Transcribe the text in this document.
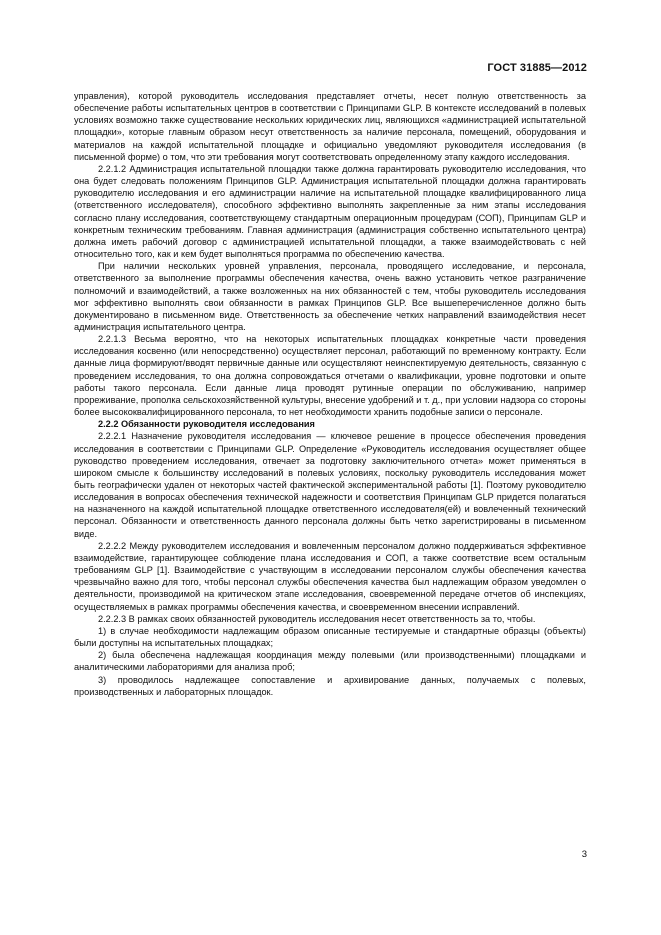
ГОСТ 31885—2012

управления), которой руководитель исследования представляет отчеты, несет полную ответственность за обеспечение работы испытательных центров в соответствии с Принципами GLP. В контексте исследований в полевых условиях возможно также существование нескольких юридических лиц, являющихся «администрацией испытательной площадки», которые главным образом несут ответственность за наличие персонала, помещений, оборудования и материалов на каждой испытательной площадке и официально уведомляют руководителя исследования (в письменной форме) о том, что эти требования могут соответствовать определенному этапу каждого исследования.

2.2.1.2 Администрация испытательной площадки также должна гарантировать руководителю исследования, что она будет следовать положениям Принципов GLP. Администрация испытательной площадки должна гарантировать руководителю исследования и его администрации наличие на испытательной площадке квалифицированного лица (ответственного исследователя), способного эффективно выполнять закрепленные за ним этапы исследования согласно плану исследования, соответствующему стандартным операционным процедурам (СОП), Принципам GLP и конкретным техническим требованиям. Главная администрация (администрация собственно испытательного центра) должна иметь рабочий договор с администрацией испытательной площадки, а также взаимодействовать с ней относительно того, как и кем будет выполняться программа по обеспечению качества.

При наличии нескольких уровней управления, персонала, проводящего исследование, и персонала, ответственного за выполнение программы обеспечения качества, очень важно установить четкое разграничение полномочий и взаимодействий, а также возложенных на них обязанностей с тем, чтобы руководитель исследования мог эффективно выполнять свои обязанности в рамках Принципов GLP. Все вышеперечисленное должно быть документировано в письменном виде. Ответственность за обеспечение четких направлений взаимодействия несет администрация испытательного центра.

2.2.1.3 Весьма вероятно, что на некоторых испытательных площадках конкретные части проведения исследования косвенно (или непосредственно) осуществляет персонал, работающий по временному контракту. Если данные лица формируют/вводят первичные данные или осуществляют неинспектируемую деятельность, связанную с проведением исследования, то она должна сопровождаться отчетами о квалификации, уровне подготовки и опыте работы такого персонала. Если данные лица проводят рутинные операции по обслуживанию, например прореживание, прополка сельскохозяйственной культуры, внесение удобрений и т. д., при условии надзора со стороны более высококвалифицированного персонала, то нет необходимости хранить подобные записи о персонале.

2.2.2 Обязанности руководителя исследования

2.2.2.1 Назначение руководителя исследования — ключевое решение в процессе обеспечения проведения исследования в соответствии с Принципами GLP. Определение «Руководитель исследования осуществляет общее руководство проведением исследования, отвечает за подготовку заключительного отчета» может применяться в широком смысле к большинству исследований в полевых условиях, поскольку руководитель исследования может быть географически удален от некоторых частей фактической экспериментальной работы [1]. Поэтому руководителю исследования в вопросах обеспечения технической надежности и соответствия Принципам GLP придется полагаться на назначенного на каждой испытательной площадке ответственного исследователя(ей) и вовлеченный технический персонал. Обязанности и ответственность данного персонала должны быть четко зарегистрированы в письменном виде.

2.2.2.2 Между руководителем исследования и вовлеченным персоналом должно поддерживаться эффективное взаимодействие, гарантирующее соблюдение плана исследования и СОП, а также соответствие всем остальным требованиям GLP [1]. Взаимодействие с участвующим в исследовании персоналом службы обеспечения качества чрезвычайно важно для того, чтобы персонал службы обеспечения качества был надлежащим образом уведомлен о деятельности, производимой на критическом этапе исследования, своевременной передаче отчетов об инспекциях, осуществляемых в рамках программы обеспечения качества, и своевременном внесении исправлений.

2.2.2.3 В рамках своих обязанностей руководитель исследования несет ответственность за то, чтобы.

1) в случае необходимости надлежащим образом описанные тестируемые и стандартные образцы (объекты) были доступны на испытательных площадках;

2) была обеспечена надлежащая координация между полевыми (или производственными) площадками и аналитическими лабораториями для анализа проб;

3) проводилось надлежащее сопоставление и архивирование данных, получаемых с полевых, производственных и лабораторных площадок.

3
